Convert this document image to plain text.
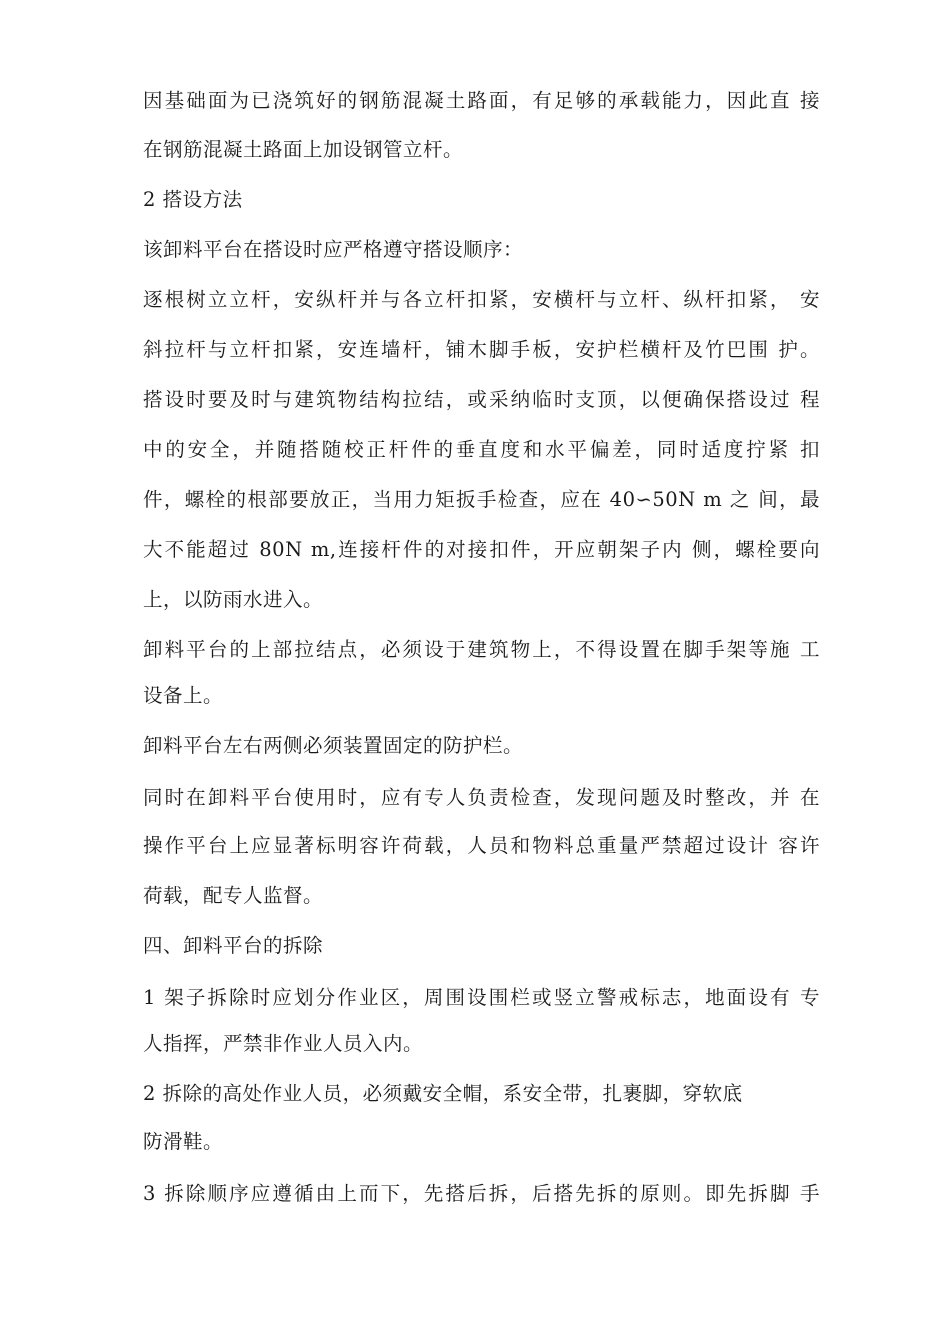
因基础面为已浇筑好的钢筋混凝土路面，有足够的承载能力，因此直 接
在钢筋混凝土路面上加设钢管立杆。
2 搭设方法
该卸料平台在搭设时应严格遵守搭设顺序：
逐根树立立杆，安纵杆并与各立杆扣紧，安横杆与立杆、纵杆扣紧， 安
斜拉杆与立杆扣紧，安连墙杆，铺木脚手板，安护栏横杆及竹巴围 护。
搭设时要及时与建筑物结构拉结，或采纳临时支顶，以便确保搭设过 程
中的安全，并随搭随校正杆件的垂直度和水平偏差，同时适度拧紧 扣
件，螺栓的根部要放正，当用力矩扳手检查，应在 40∽50N m 之 间，最
大不能超过 80N m,连接杆件的对接扣件，开应朝架子内 侧，螺栓要向
上，以防雨水进入。
卸料平台的上部拉结点，必须设于建筑物上，不得设置在脚手架等施 工
设备上。
卸料平台左右两侧必须装置固定的防护栏。
同时在卸料平台使用时，应有专人负责检查，发现问题及时整改，并 在
操作平台上应显著标明容许荷载，人员和物料总重量严禁超过设计 容许
荷载，配专人监督。
四、卸料平台的拆除
1 架子拆除时应划分作业区，周围设围栏或竖立警戒标志，地面设有 专
人指挥，严禁非作业人员入内。
2 拆除的高处作业人员，必须戴安全帽，系安全带，扎裹脚，穿软底
防滑鞋。
3 拆除顺序应遵循由上而下，先搭后拆，后搭先拆的原则。即先拆脚 手
